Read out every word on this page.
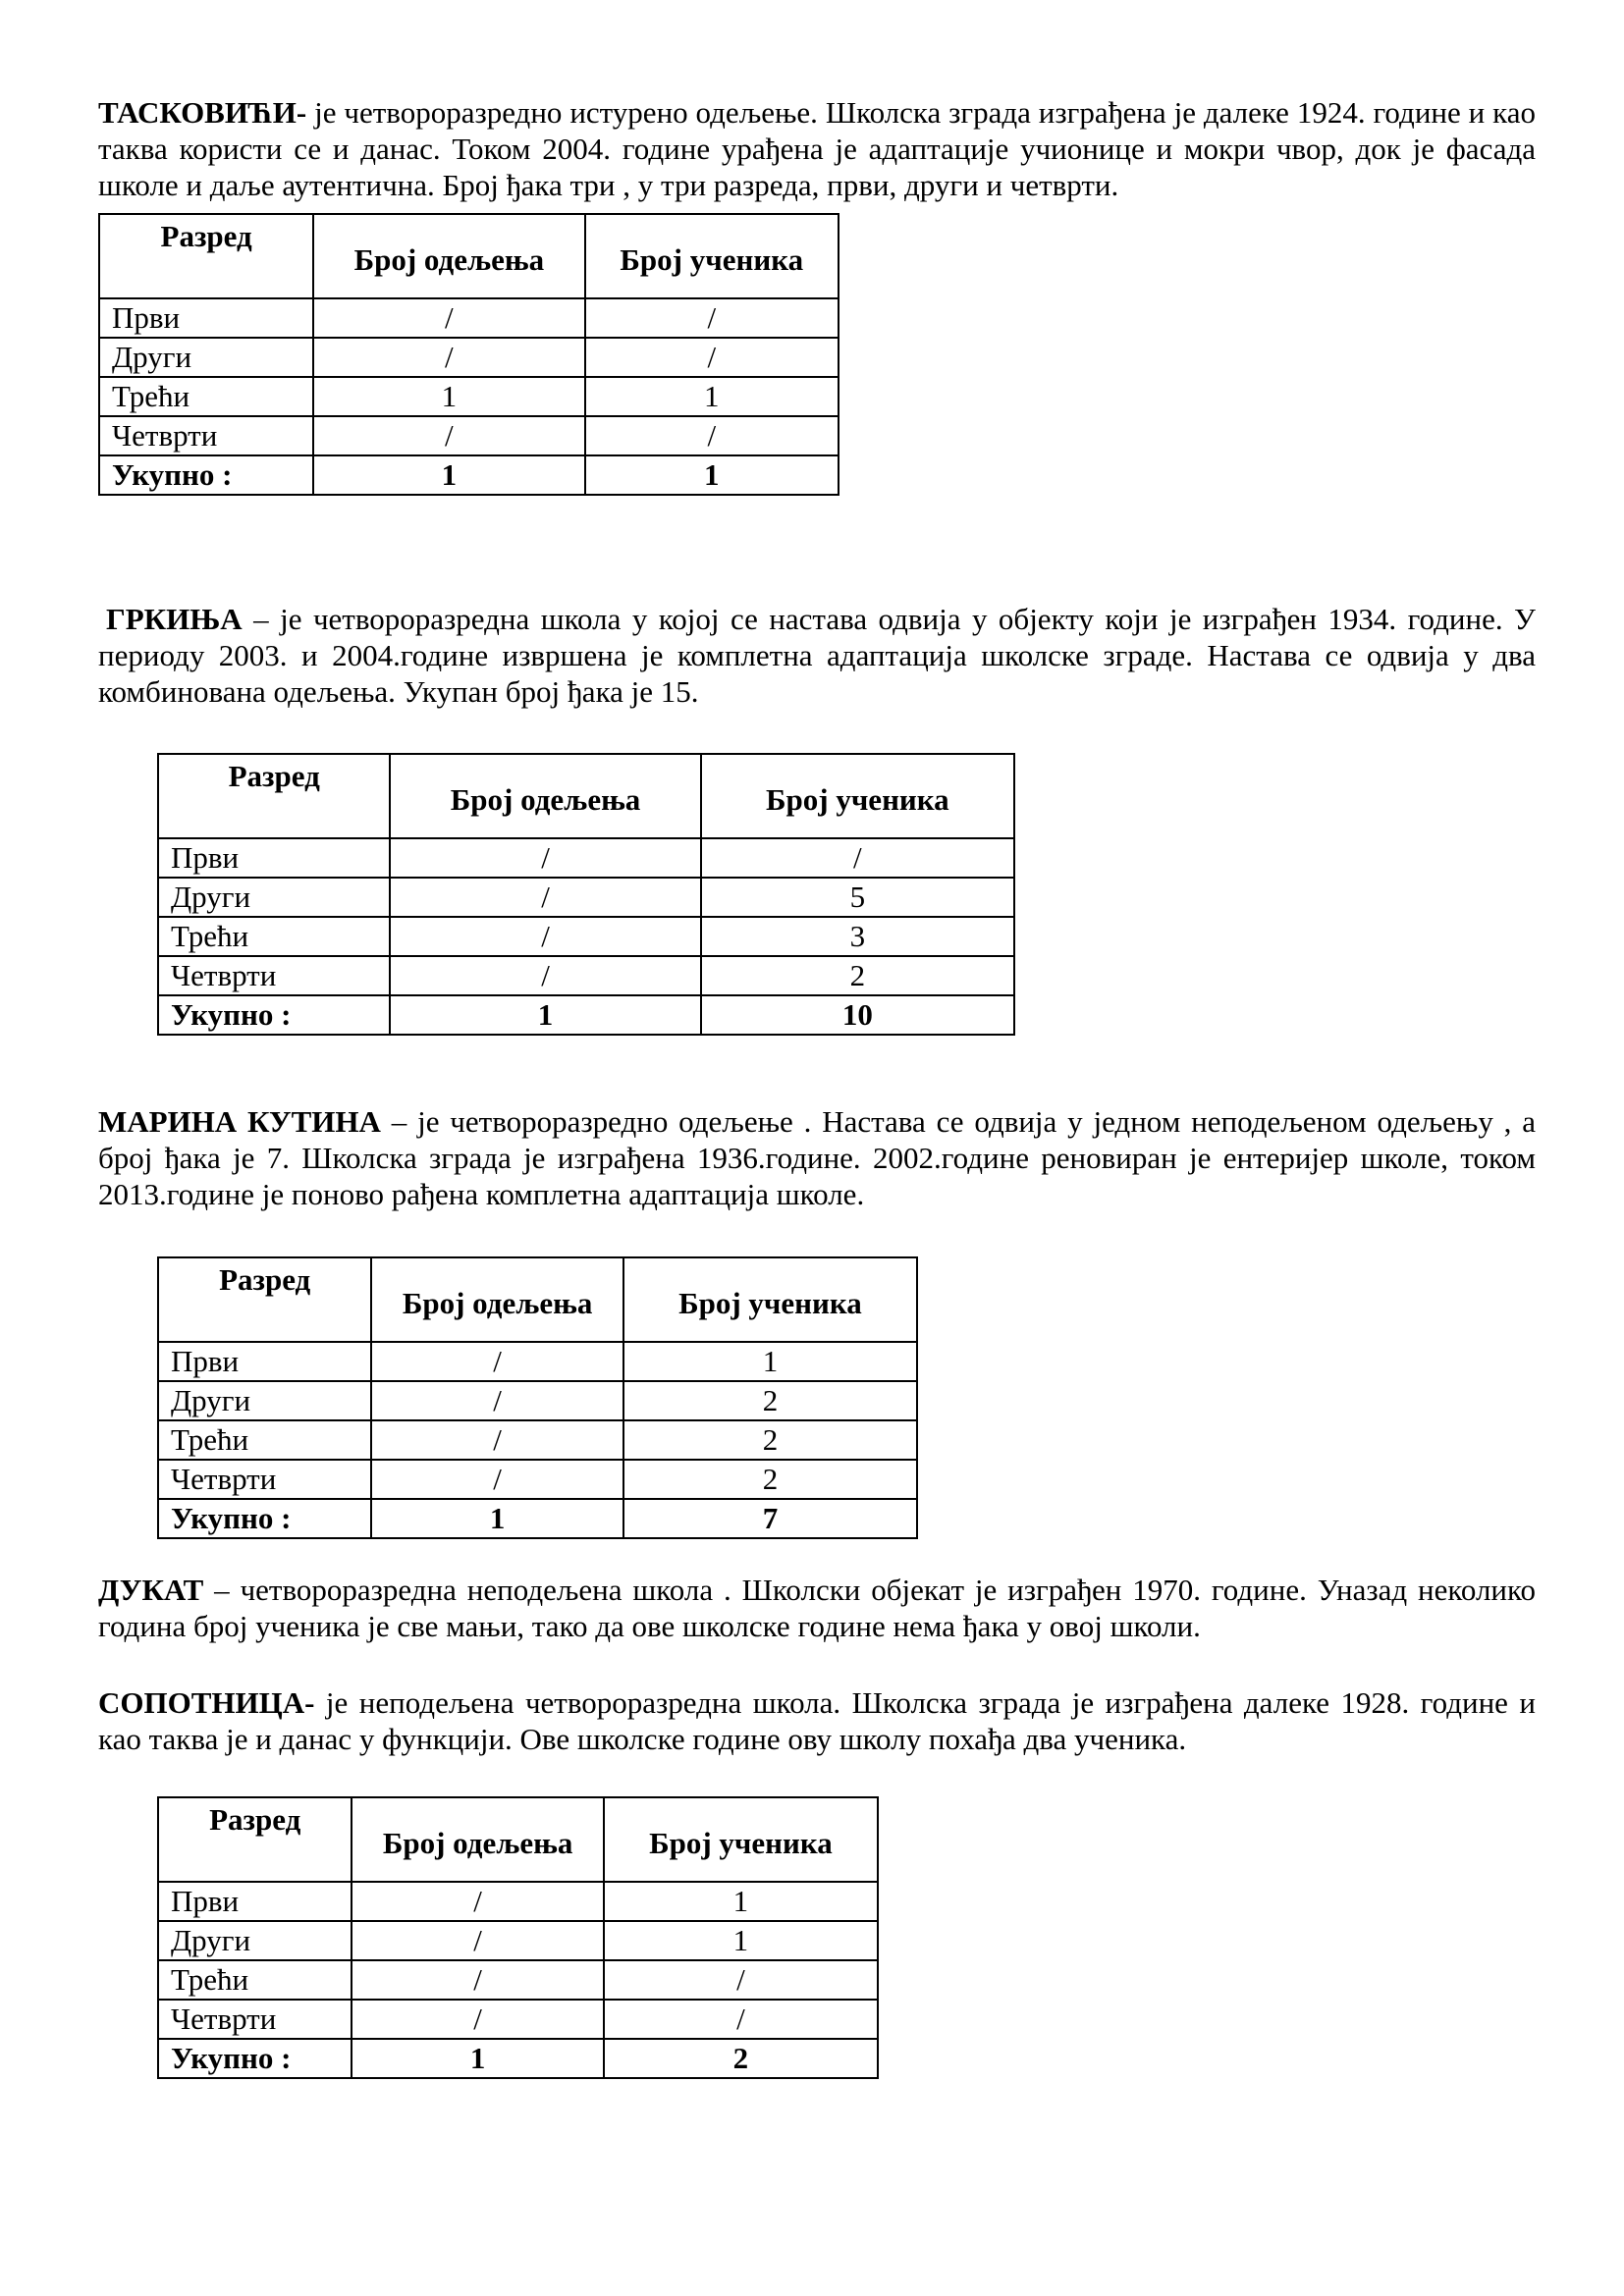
ТАСКОВИЋИ- је четвороразредно истурено одељење. Школска зграда изграђена је далеке 1924. године и као таква користи се и данас. Током 2004. године урађена је адаптације учионице и мокри чвор, док је фасада школе и даље аутентична. Број ђака три , у три разреда, први, други и четврти.

Разред	Број одељења	Број ученика
Први	/	/
Други	/	/
Трећи	1	1
Четврти	/	/
Укупно :	1	1

ГРКИЊА – је четвороразредна школа у којој се настава одвија у објекту који је изграђен 1934. године. У периоду 2003. и 2004.године извршена је комплетна адаптација школске зграде. Настава се одвија у два комбинована одељења. Укупан број ђака је 15.

Разред	Број одељења	Број ученика
Први	/	/
Други	/	5
Трећи	/	3
Четврти	/	2
Укупно :	1	10

МАРИНА КУТИНА – је четвороразредно одељење . Настава се одвија у једном неподељеном одељењу , а број ђака је 7. Школска зграда је изграђена 1936.године. 2002.године реновиран је ентеријер школе, током 2013.године је поново рађена комплетна адаптација школе.

Разред	Број одељења	Број ученика
Први	/	1
Други	/	2
Трећи	/	2
Четврти	/	2
Укупно :	1	7

ДУКАТ – четвороразредна неподељена школа . Школски објекат је изграђен 1970. године. Уназад неколико година број ученика је све мањи, тако да ове школске године нема ђака у овој школи.

СОПОТНИЦА- је неподељена четвороразредна школа. Школска зграда је изграђена далеке 1928. године и као таква је и данас у функцији. Ове школске године ову школу похађа два ученика.

Разред	Број одељења	Број ученика
Први	/	1
Други	/	1
Трећи	/	/
Четврти	/	/
Укупно :	1	2
